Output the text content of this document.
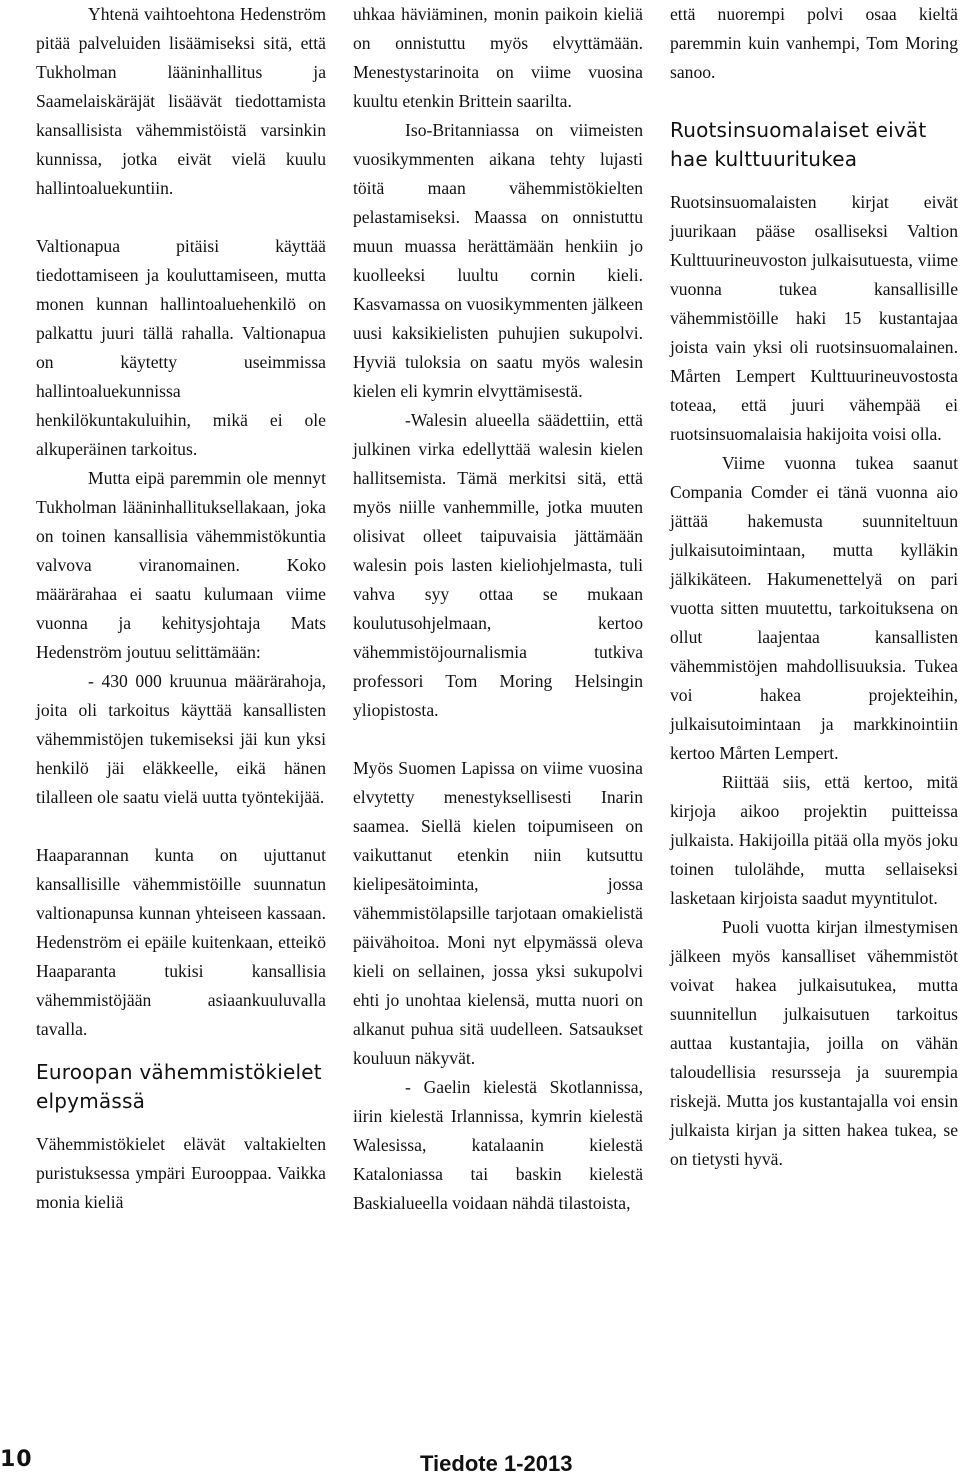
Yhtenä vaihtoehtona Hedenström pitää palveluiden lisäämiseksi sitä, että Tukholman lääninhallitus ja Saamelaiskäräjät lisäävät tiedottamista kansallisista vähemmistöistä varsinkin kunnissa, jotka eivät vielä kuulu hallintoaluekuntiin.

Valtionapua pitäisi käyttää tiedottamiseen ja kouluttamiseen, mutta monen kunnan hallintoaluehenkilö on palkattu juuri tällä rahalla. Valtionapua on käytetty useimmissa hallintoaluekunnissa henkilökuntakuluihin, mikä ei ole alkuperäinen tarkoitus.

Mutta eipä paremmin ole mennyt Tukholman lääninhallituksellakaan, joka on toinen kansallisia vähemmistökuntia valvova viranomainen. Koko määrärahaa ei saatu kulumaan viime vuonna ja kehitysjohtaja Mats Hedenström joutuu selittämään:

- 430 000 kruunua määrärahoja, joita oli tarkoitus käyttää kansallisten vähemmistöjen tukemiseksi jäi kun yksi henkilö jäi eläkkeelle, eikä hänen tilalleen ole saatu vielä uutta työntekijää.

Haaparannan kunta on ujuttanut kansallisille vähemmistöille suunnatun valtionapunsa kunnan yhteiseen kassaan. Hedenström ei epäile kuitenkaan, etteikö Haaparanta tukisi kansallisia vähemmistöjään asiaankuuluvalla tavalla.

Euroopan vähemmistökielet elpymässä

Vähemmistökielet elävät valtakielten puristuksessa ympäri Eurooppaa. Vaikka monia kieliä

uhkaa häviäminen, monin paikoin kieliä on onnistuttu myös elvyttämään. Menestystarinoita on viime vuosina kuultu etenkin Brittein saarilta.

Iso-Britanniassa on viimeisten vuosikymmenten aikana tehty lujasti töitä maan vähemmistökielten pelastamiseksi. Maassa on onnistuttu muun muassa herättämään henkiin jo kuolleeksi luultu cornin kieli. Kasvamassa on vuosikymmenten jälkeen uusi kaksikielisten puhujien sukupolvi. Hyviä tuloksia on saatu myös walesin kielen eli kymrin elvyttämisestä.

-Walesin alueella säädettiin, että julkinen virka edellyttää walesin kielen hallitsemista. Tämä merkitsi sitä, että myös niille vanhemmille, jotka muuten olisivat olleet taipuvaisia jättämään walesin pois lasten kieliohjelmasta, tuli vahva syy ottaa se mukaan koulutusohjelmaan, kertoo vähemmistöjournalismia tutkiva professori Tom Moring Helsingin yliopistosta.

Myös Suomen Lapissa on viime vuosina elvytetty menestyksellisesti Inarin saamea. Siellä kielen toipumiseen on vaikuttanut etenkin niin kutsuttu kielipesätoiminta, jossa vähemmistölapsille tarjotaan omakielistä päivähoitoa. Moni nyt elpymässä oleva kieli on sellainen, jossa yksi sukupolvi ehti jo unohtaa kielensä, mutta nuori on alkanut puhua sitä uudelleen. Satsaukset kouluun näkyvät.

- Gaelin kielestä Skotlannissa, iirin kielestä Irlannissa, kymrin kielestä Walesissa, katalaanin kielestä Kataloniassa tai baskin kielestä Baskialueella voidaan nähdä tilastoista,

että nuorempi polvi osaa kieltä paremmin kuin vanhempi, Tom Moring sanoo.

Ruotsinsuomalaiset eivät hae kulttuuritukea

Ruotsinsuomalaisten kirjat eivät juurikaan pääse osalliseksi Valtion Kulttuurineuvoston julkaisutuesta, viime vuonna tukea kansallisille vähemmistöille haki 15 kustantajaa joista vain yksi oli ruotsinsuomalainen. Mårten Lempert Kulttuurineuvostosta toteaa, että juuri vähempää ei ruotsinsuomalaisia hakijoita voisi olla.

Viime vuonna tukea saanut Compania Comder ei tänä vuonna aio jättää hakemusta suunniteltuun julkaisutoimintaan, mutta kylläkin jälkikäteen. Hakumenettelyä on pari vuotta sitten muutettu, tarkoituksena on ollut laajentaa kansallisten vähemmistöjen mahdollisuuksia. Tukea voi hakea projekteihin, julkaisutoimintaan ja markkinointiin kertoo Mårten Lempert.

Riittää siis, että kertoo, mitä kirjoja aikoo projektin puitteissa julkaista. Hakijoilla pitää olla myös joku toinen tulolähde, mutta sellaiseksi lasketaan kirjoista saadut myyntitulot.

Puoli vuotta kirjan ilmestymisen jälkeen myös kansalliset vähemmistöt voivat hakea julkaisutukea, mutta suunnitellun julkaisutuen tarkoitus auttaa kustantajia, joilla on vähän taloudellisia resursseja ja suurempia riskejä. Mutta jos kustantajalla voi ensin julkaista kirjan ja sitten hakea tukea, se on tietysti hyvä.

10	Tiedote 1-2013
